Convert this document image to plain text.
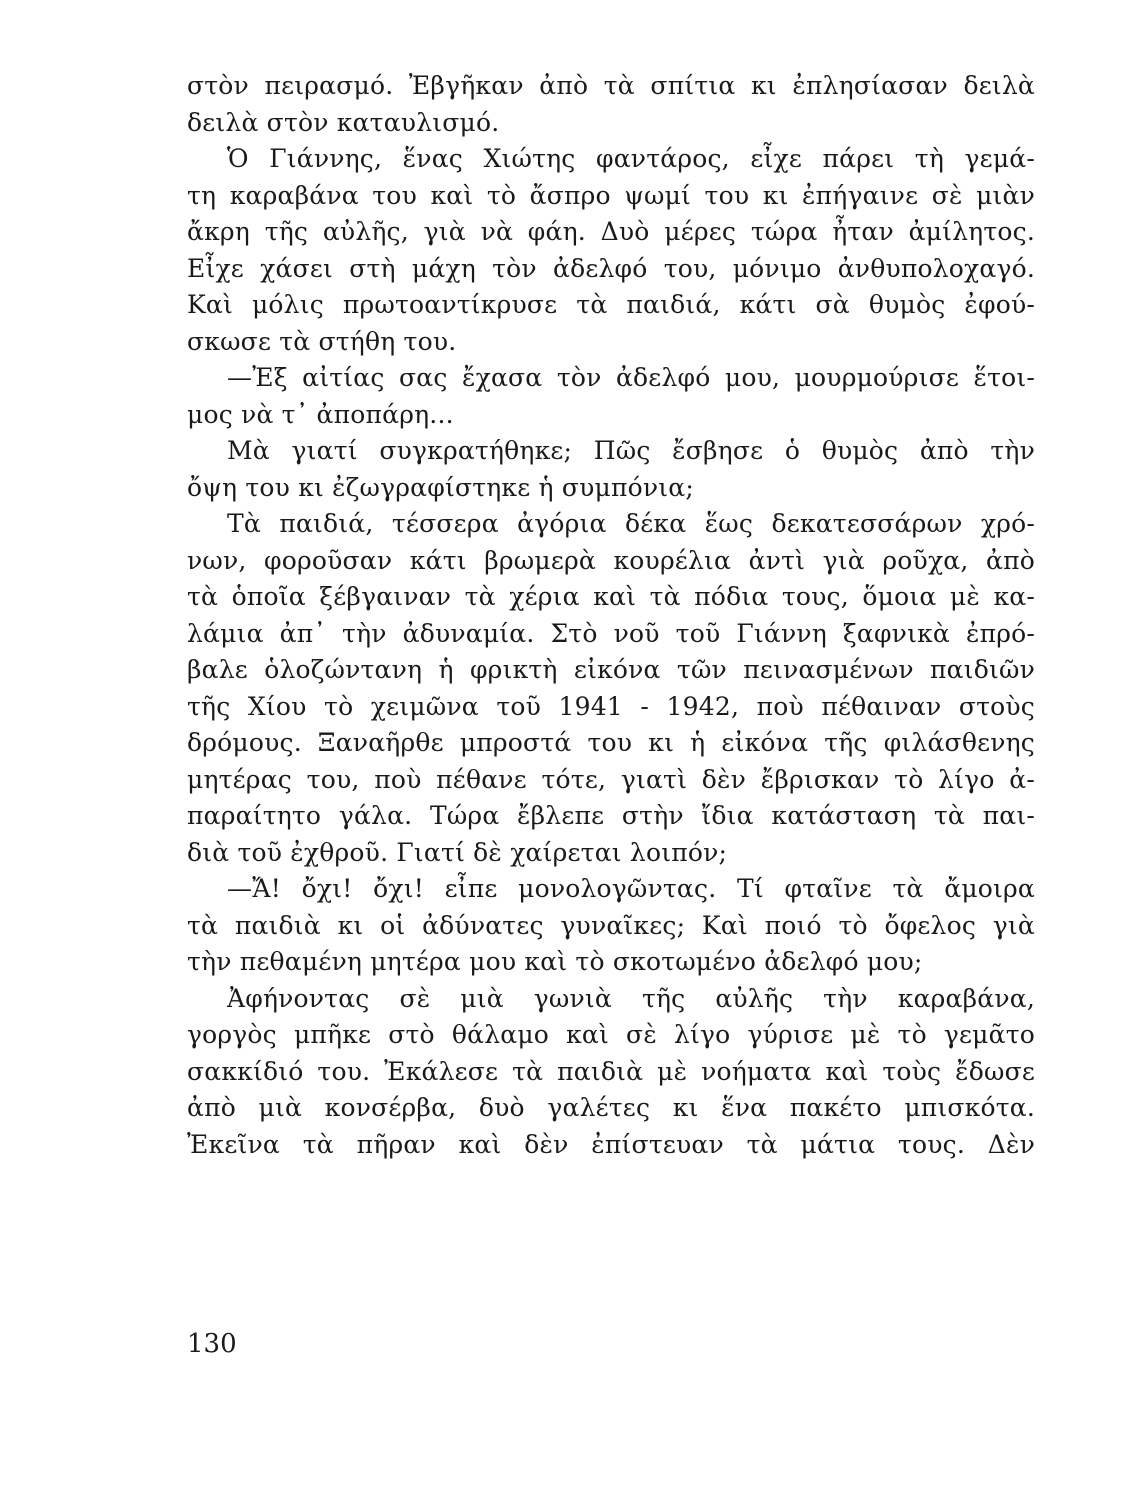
στὸν πειρασμό. Ἐβγῆκαν ἀπὸ τὰ σπίτια κι ἐπλησίασαν δειλὰ
δειλὰ στὸν καταυλισμό.
Ὁ Γιάννης, ἕνας Χιώτης φαντάρος, εἶχε πάρει τὴ γεμά-
τη καραβάνα του καὶ τὸ ἄσπρο ψωμί του κι ἐπήγαινε σὲ μιὰν
ἄκρη τῆς αὐλῆς, γιὰ νὰ φάη. Δυὸ μέρες τώρα ἦταν ἀμίλητος.
Εἶχε χάσει στὴ μάχη τὸν ἀδελφό του, μόνιμο ἀνθυπολοχαγό.
Καὶ μόλις πρωτοαντίκρυσε τὰ παιδιά, κάτι σὰ θυμὸς ἐφού-
σκωσε τὰ στήθη του.
—Ἐξ αἰτίας σας ἔχασα τὸν ἀδελφό μου, μουρμούρισε ἕτοι-
μος νὰ τ᾿ ἀποπάρη...
Μὰ γιατί συγκρατήθηκε; Πῶς ἔσβησε ὁ θυμὸς ἀπὸ τὴν
ὄψη του κι ἐζωγραφίστηκε ἡ συμπόνια;
Τὰ παιδιά, τέσσερα ἀγόρια δέκα ἕως δεκατεσσάρων χρό-
νων, φοροῦσαν κάτι βρωμερὰ κουρέλια ἀντὶ γιὰ ροῦχα, ἀπὸ
τὰ ὁποῖα ξέβγαιναν τὰ χέρια καὶ τὰ πόδια τους, ὅμοια μὲ κα-
λάμια ἀπ᾿ τὴν ἀδυναμία. Στὸ νοῦ τοῦ Γιάννη ξαφνικὰ ἐπρό-
βαλε ὁλοζώντανη ἡ φρικτὴ εἰκόνα τῶν πεινασμένων παιδιῶν
τῆς Χίου τὸ χειμῶνα τοῦ 1941 - 1942, ποὺ πέθαιναν στοὺς
δρόμους. Ξαναῆρθε μπροστά του κι ἡ εἰκόνα τῆς φιλάσθενης
μητέρας του, ποὺ πέθανε τότε, γιατὶ δὲν ἔβρισκαν τὸ λίγο ἀ-
παραίτητο γάλα. Τώρα ἔβλεπε στὴν ἴδια κατάσταση τὰ παι-
διὰ τοῦ ἐχθροῦ. Γιατί δὲ χαίρεται λοιπόν;
—Ἄ! ὄχι! ὄχι! εἶπε μονολογῶντας. Τί φταῖνε τὰ ἄμοιρα
τὰ παιδιὰ κι οἱ ἀδύνατες γυναῖκες; Καὶ ποιό τὸ ὄφελος γιὰ
τὴν πεθαμένη μητέρα μου καὶ τὸ σκοτωμένο ἀδελφό μου;
Ἀφήνοντας σὲ μιὰ γωνιὰ τῆς αὐλῆς τὴν καραβάνα,
γοργὸς μπῆκε στὸ θάλαμο καὶ σὲ λίγο γύρισε μὲ τὸ γεμᾶτο
σακκίδιό του. Ἐκάλεσε τὰ παιδιὰ μὲ νοήματα καὶ τοὺς ἔδωσε
ἀπὸ μιὰ κονσέρβα, δυὸ γαλέτες κι ἕνα πακέτο μπισκότα.
Ἐκεῖνα τὰ πῆραν καὶ δὲν ἐπίστευαν τὰ μάτια τους. Δὲν
130
